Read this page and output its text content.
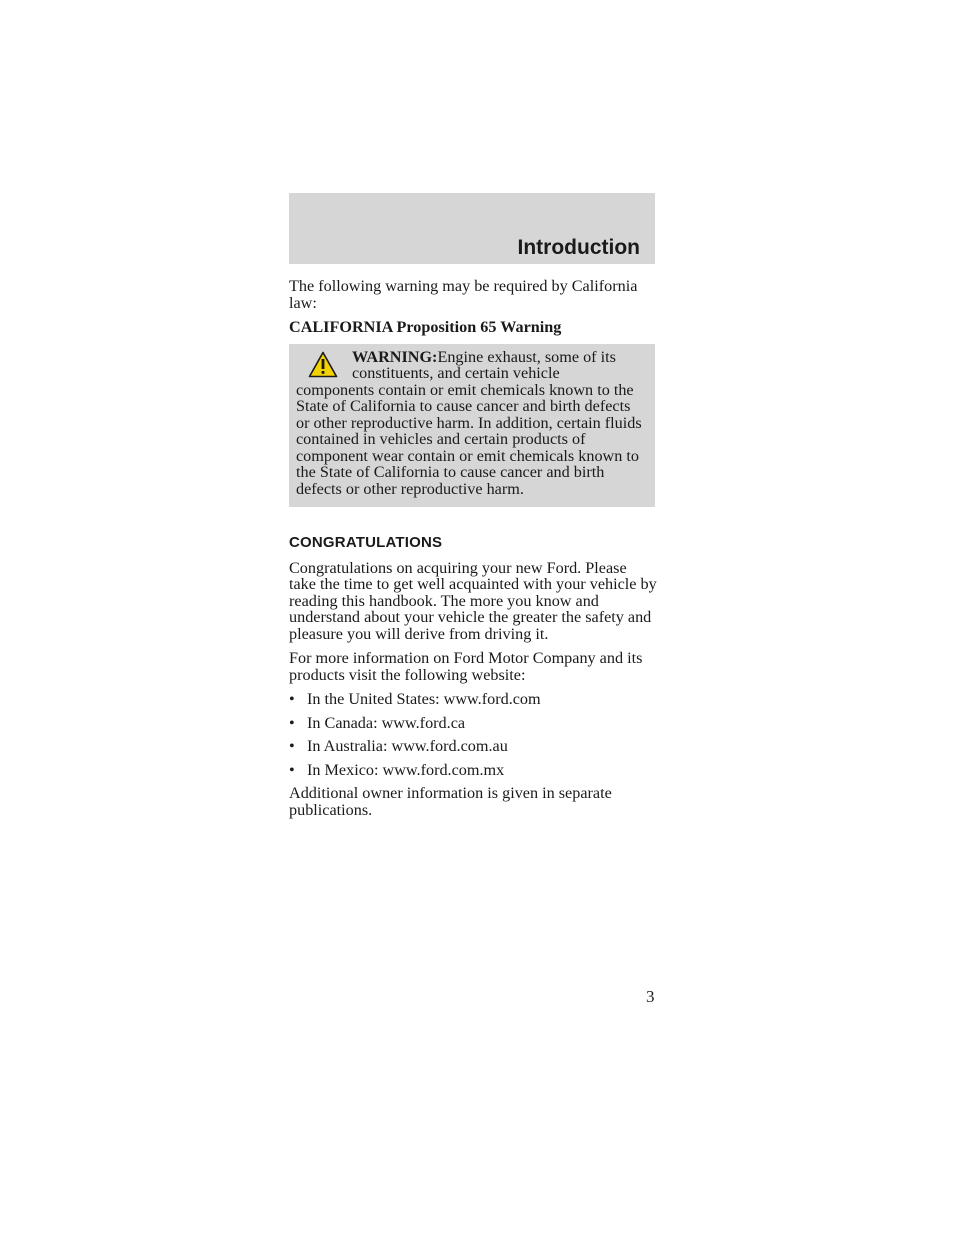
Introduction

The following warning may be required by California law:

CALIFORNIA Proposition 65 Warning

WARNING:Engine exhaust, some of its
constituents, and certain vehicle
components contain or emit chemicals known to the State of California to cause cancer and birth defects or other reproductive harm. In addition, certain fluids contained in vehicles and certain products of component wear contain or emit chemicals known to the State of California to cause cancer and birth defects or other reproductive harm.

CONGRATULATIONS

Congratulations on acquiring your new Ford. Please take the time to get well acquainted with your vehicle by reading this handbook. The more you know and understand about your vehicle the greater the safety and pleasure you will derive from driving it.

For more information on Ford Motor Company and its products visit the following website:

• In the United States: www.ford.com
• In Canada: www.ford.ca
• In Australia: www.ford.com.au
• In Mexico: www.ford.com.mx

Additional owner information is given in separate publications.

3
